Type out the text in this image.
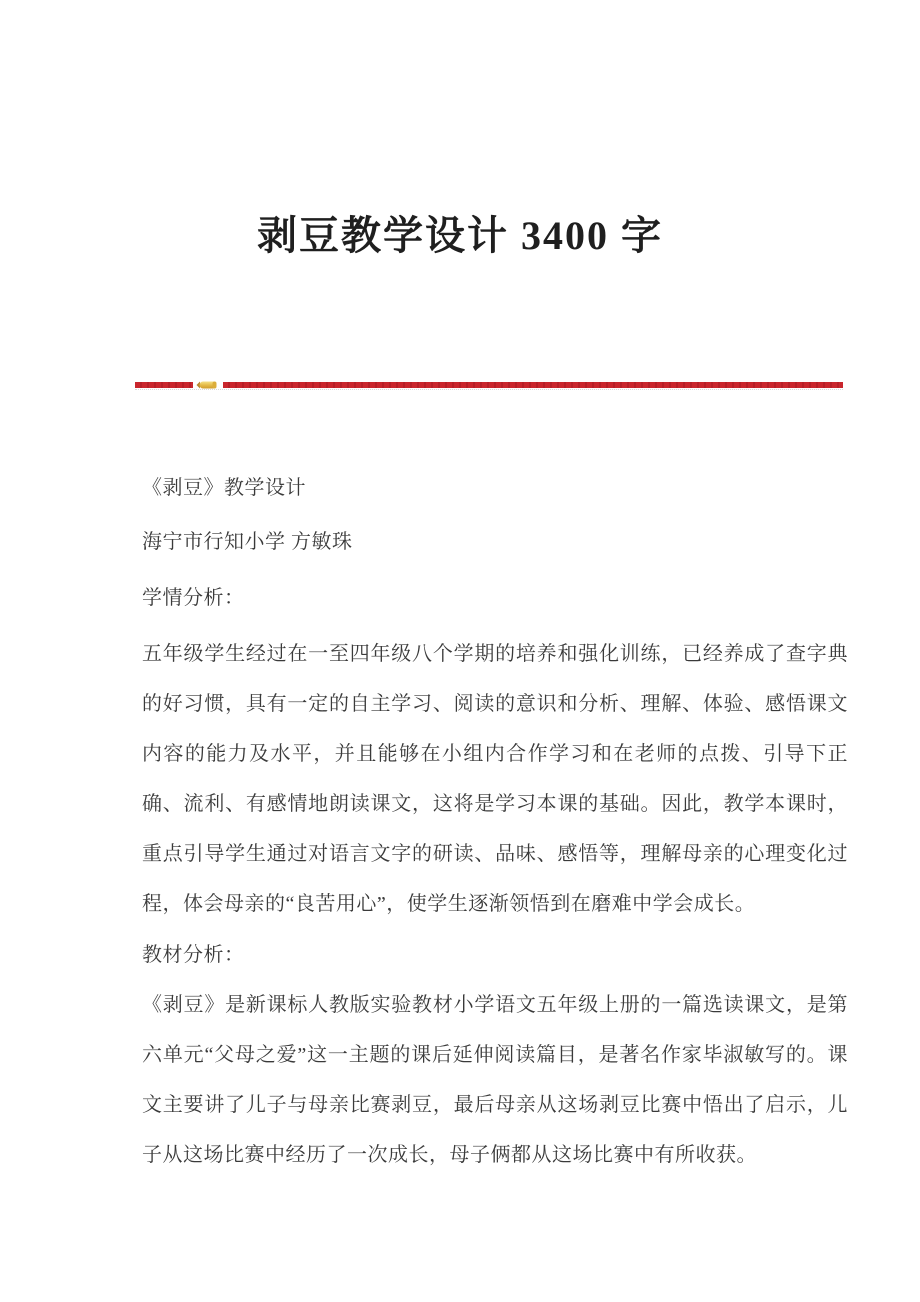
剥豆教学设计 3400 字

《剥豆》教学设计

海宁市行知小学 方敏珠

学情分析：

五年级学生经过在一至四年级八个学期的培养和强化训练，已经养成了查字典的好习惯，具有一定的自主学习、阅读的意识和分析、理解、体验、感悟课文内容的能力及水平，并且能够在小组内合作学习和在老师的点拨、引导下正确、流利、有感情地朗读课文，这将是学习本课的基础。因此，教学本课时，重点引导学生通过对语言文字的研读、品味、感悟等，理解母亲的心理变化过程，体会母亲的“良苦用心”，使学生逐渐领悟到在磨难中学会成长。

教材分析：

《剥豆》是新课标人教版实验教材小学语文五年级上册的一篇选读课文，是第六单元“父母之爱”这一主题的课后延伸阅读篇目，是著名作家毕淑敏写的。课文主要讲了儿子与母亲比赛剥豆，最后母亲从这场剥豆比赛中悟出了启示，儿子从这场比赛中经历了一次成长，母子俩都从这场比赛中有所收获。
